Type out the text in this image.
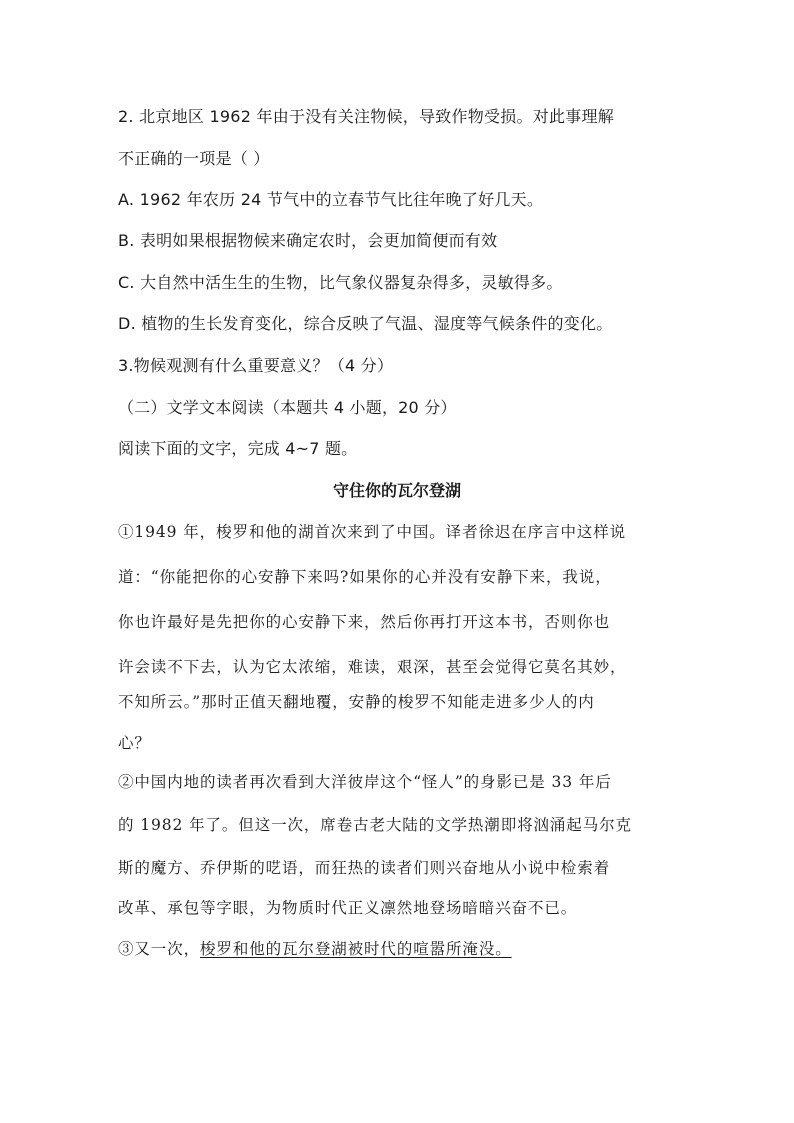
2. 北京地区 1962 年由于没有关注物候，导致作物受损。对此事理解
不正确的一项是（ ）
A. 1962 年农历 24 节气中的立春节气比往年晚了好几天。
B. 表明如果根据物候来确定农时，会更加简便而有效
C. 大自然中活生生的生物，比气象仪器复杂得多，灵敏得多。
D. 植物的生长发育变化，综合反映了气温、湿度等气候条件的变化。
3.物候观测有什么重要意义？（4 分）
（二）文学文本阅读（本题共 4 小题，20 分）
阅读下面的文字，完成 4~7 题。
守住你的瓦尔登湖
①1949 年，梭罗和他的湖首次来到了中国。译者徐迟在序言中这样说
道：“你能把你的心安静下来吗?如果你的心并没有安静下来，我说，
你也许最好是先把你的心安静下来，然后你再打开这本书，否则你也
许会读不下去，认为它太浓缩，难读，艰深，甚至会觉得它莫名其妙，
不知所云。”那时正值天翻地覆，安静的梭罗不知能走进多少人的内
心？
②中国内地的读者再次看到大洋彼岸这个“怪人”的身影已是 33 年后
的 1982 年了。但这一次，席卷古老大陆的文学热潮即将汹涌起马尔克
斯的魔方、乔伊斯的呓语，而狂热的读者们则兴奋地从小说中检索着
改革、承包等字眼，为物质时代正义凛然地登场暗暗兴奋不已。
③又一次，梭罗和他的瓦尔登湖被时代的喧嚣所淹没。
